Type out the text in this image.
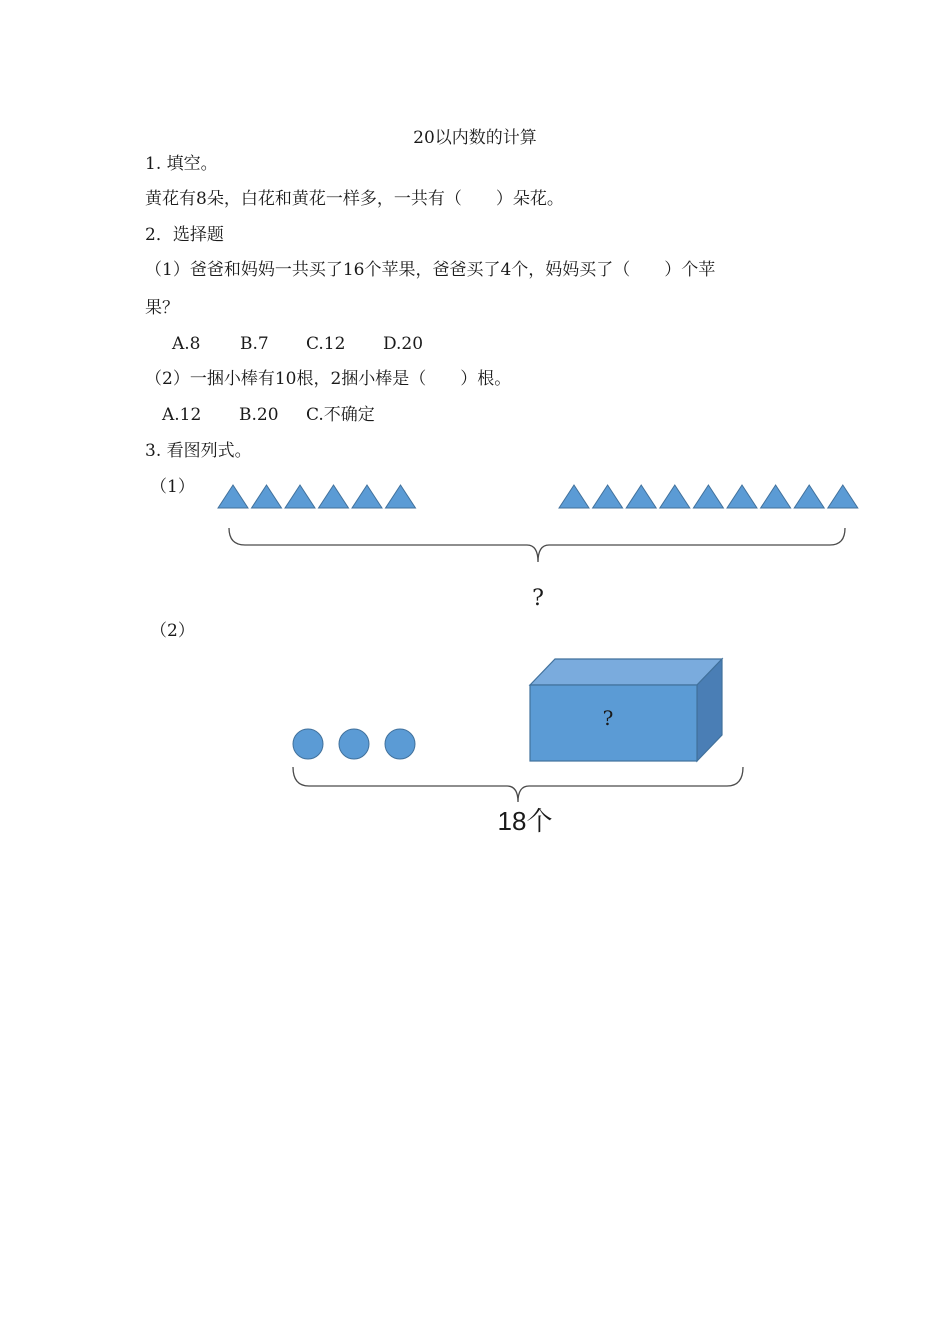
20以内数的计算
1. 填空。
黄花有8朵，白花和黄花一样多，一共有（　　）朵花。
2．选择题
（1）爸爸和妈妈一共买了16个苹果，爸爸买了4个，妈妈买了（　　）个苹
果？
A.8 B.7 C.12 D.20
（2）一捆小棒有10根，2捆小棒是（　　）根。
A.12 B.20 C.不确定
3. 看图列式。
（1）
（2）
?
?
18个
